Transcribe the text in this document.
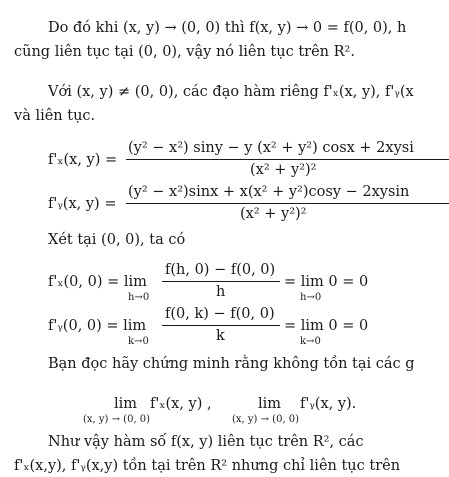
Do đó khi (x, y) → (0, 0) thì f(x, y) → 0 = f(0, 0), h
cũng liên tục tại (0, 0), vậy nó liên tục trên R².
Với (x, y) ≠ (0, 0), các đạo hàm riêng f'ₓ(x, y), f'ᵧ(x
và liên tục.
f'ₓ(x, y) =
(y² − x²) siny − y (x² + y²) cosx + 2xysi
(x² + y²)²
f'ᵧ(x, y) =
(y² − x²)sinx + x(x² + y²)cosy − 2xysin
(x² + y²)²
Xét tại (0, 0), ta có
f'ₓ(0, 0) = lim
h→0
f(h, 0) − f(0, 0)
h
= lim 0 = 0
h→0
f'ᵧ(0, 0) = lim
k→0
f(0, k) − f(0, 0)
k
= lim 0 = 0
k→0
Bạn đọc hãy chứng minh rằng không tồn tại các g
lim f'ₓ(x, y) ,
(x, y) → (0, 0)
lim f'ᵧ(x, y).
(x, y) → (0, 0)
Như vậy hàm số f(x, y) liên tục trên R², các
f'ₓ(x,y), f'ᵧ(x,y) tồn tại trên R² nhưng chỉ liên tục trên
